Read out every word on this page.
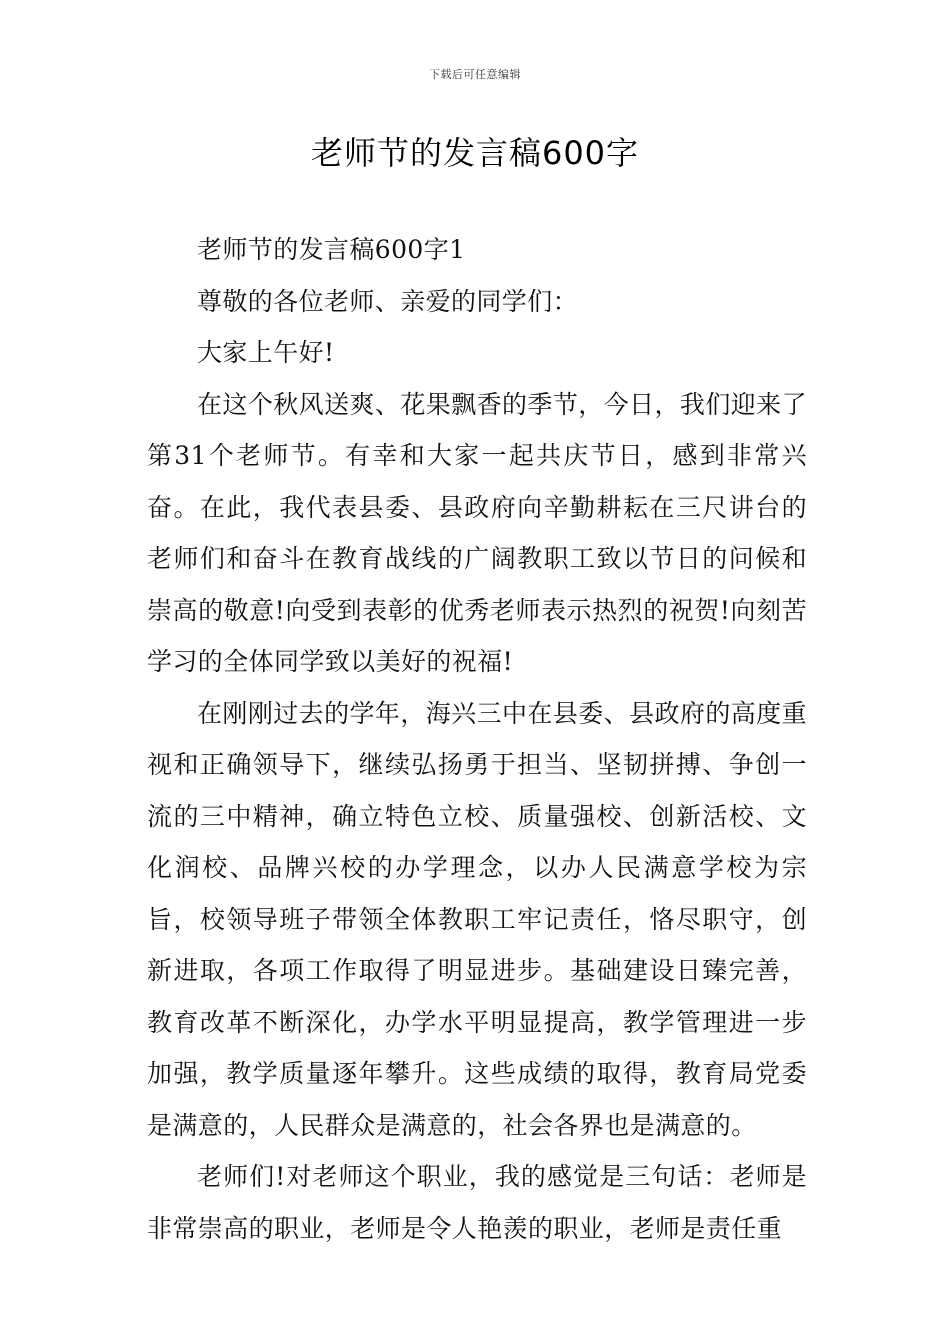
下载后可任意编辑
老师节的发言稿600字

老师节的发言稿600字1

尊敬的各位老师、亲爱的同学们：

大家上午好!

在这个秋风送爽、花果飘香的季节，今日，我们迎来了第31个老师节。有幸和大家一起共庆节日，感到非常兴奋。在此，我代表县委、县政府向辛勤耕耘在三尺讲台的老师们和奋斗在教育战线的广阔教职工致以节日的问候和崇高的敬意!向受到表彰的优秀老师表示热烈的祝贺!向刻苦学习的全体同学致以美好的祝福!

在刚刚过去的学年，海兴三中在县委、县政府的高度重视和正确领导下，继续弘扬勇于担当、坚韧拼搏、争创一流的三中精神，确立特色立校、质量强校、创新活校、文化润校、品牌兴校的办学理念，以办人民满意学校为宗旨，校领导班子带领全体教职工牢记责任，恪尽职守，创新进取，各项工作取得了明显进步。基础建设日臻完善，教育改革不断深化，办学水平明显提高，教学管理进一步加强，教学质量逐年攀升。这些成绩的取得，教育局党委是满意的，人民群众是满意的，社会各界也是满意的。

老师们!对老师这个职业，我的感觉是三句话：老师是非常崇高的职业，老师是令人艳羡的职业，老师是责任重
